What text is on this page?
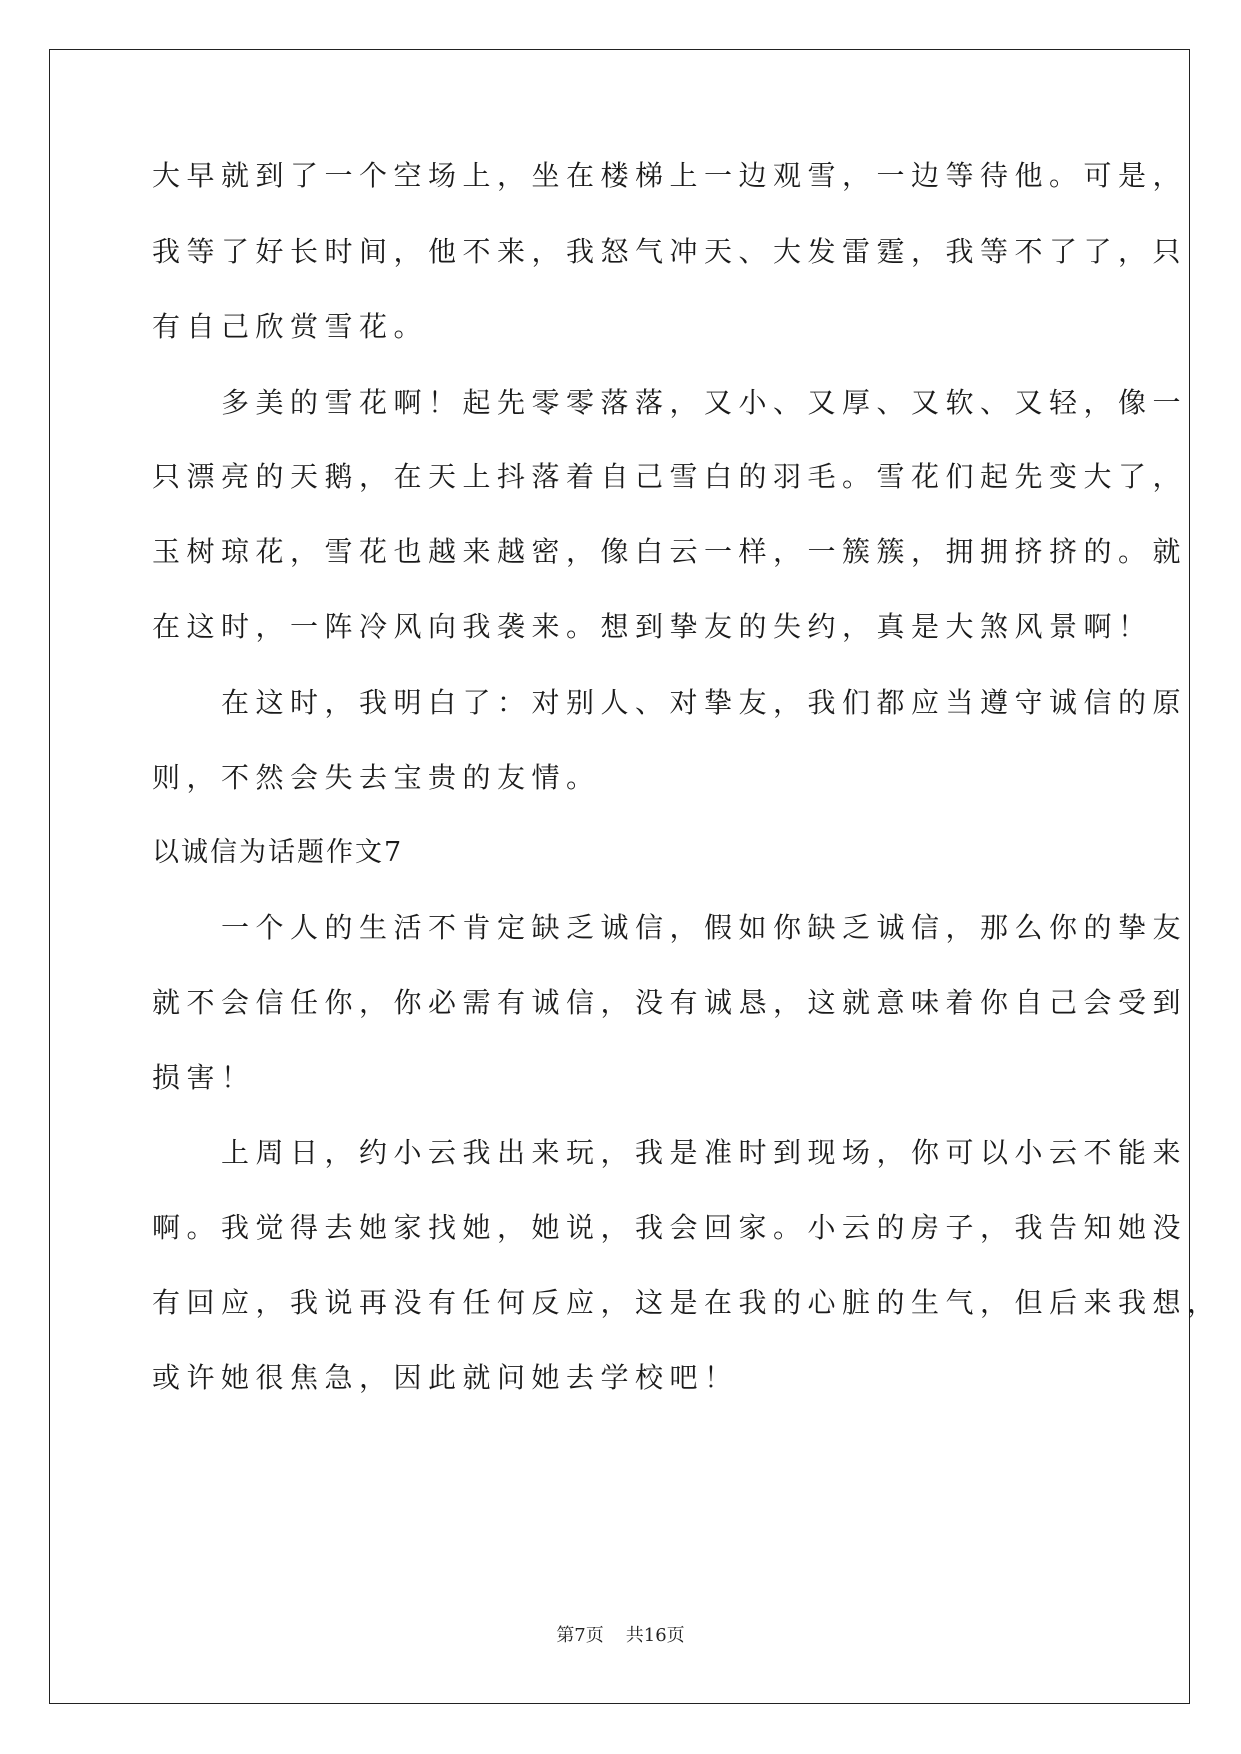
大早就到了一个空场上，坐在楼梯上一边观雪，一边等待他。可是，
我等了好长时间，他不来，我怒气冲天、大发雷霆，我等不了了，只
有自己欣赏雪花。
　　多美的雪花啊！起先零零落落，又小、又厚、又软、又轻，像一
只漂亮的天鹅，在天上抖落着自己雪白的羽毛。雪花们起先变大了，
玉树琼花，雪花也越来越密，像白云一样，一簇簇，拥拥挤挤的。就
在这时，一阵冷风向我袭来。想到挚友的失约，真是大煞风景啊！
　　在这时，我明白了：对别人、对挚友，我们都应当遵守诚信的原
则，不然会失去宝贵的友情。
以诚信为话题作文7
　　一个人的生活不肯定缺乏诚信，假如你缺乏诚信，那么你的挚友
就不会信任你，你必需有诚信，没有诚恳，这就意味着你自己会受到
损害！
　　上周日，约小云我出来玩，我是准时到现场，你可以小云不能来
啊。我觉得去她家找她，她说，我会回家。小云的房子，我告知她没
有回应，我说再没有任何反应，这是在我的心脏的生气，但后来我想，
或许她很焦急，因此就问她去学校吧！
第7页 共16页
